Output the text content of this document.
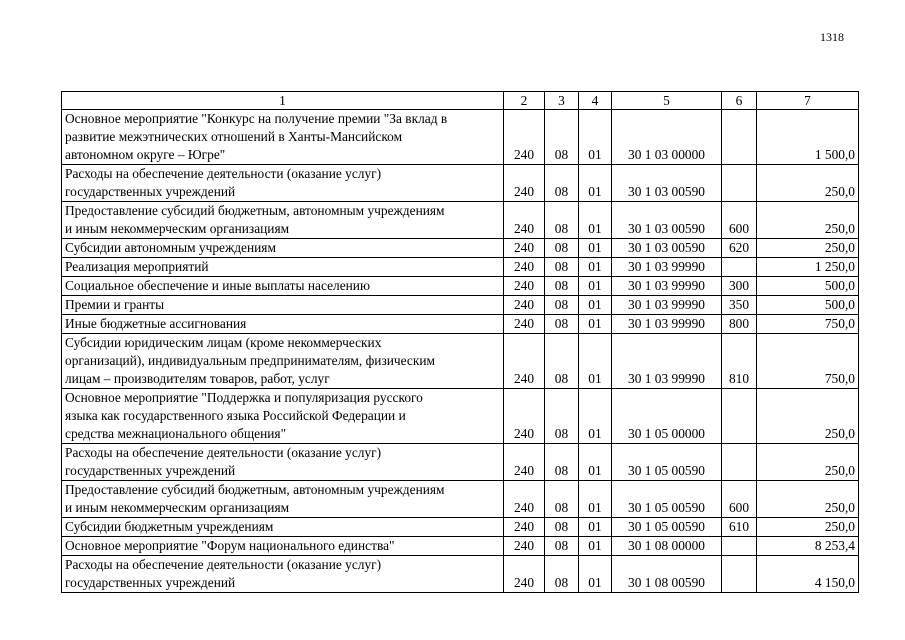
1318
1	2	3	4	5	6	7

Основное мероприятие "Конкурс на получение премии "За вклад в
развитие межэтнических отношений в Ханты-Мансийском
автономном округе – Югре"	240	08	01	30 1 03 00000		1 500,0

Расходы на обеспечение деятельности (оказание услуг)
государственных учреждений	240	08	01	30 1 03 00590		250,0

Предоставление субсидий бюджетным, автономным учреждениям
и иным некоммерческим организациям	240	08	01	30 1 03 00590	600	250,0

Субсидии автономным учреждениям	240	08	01	30 1 03 00590	620	250,0

Реализация мероприятий	240	08	01	30 1 03 99990		1 250,0

Социальное обеспечение и иные выплаты населению	240	08	01	30 1 03 99990	300	500,0

Премии и гранты	240	08	01	30 1 03 99990	350	500,0

Иные бюджетные ассигнования	240	08	01	30 1 03 99990	800	750,0

Субсидии юридическим лицам (кроме некоммерческих
организаций), индивидуальным предпринимателям, физическим
лицам – производителям товаров, работ, услуг	240	08	01	30 1 03 99990	810	750,0

Основное мероприятие "Поддержка и популяризация русского
языка как государственного языка Российской Федерации и
средства межнационального общения"	240	08	01	30 1 05 00000		250,0

Расходы на обеспечение деятельности (оказание услуг)
государственных учреждений	240	08	01	30 1 05 00590		250,0

Предоставление субсидий бюджетным, автономным учреждениям
и иным некоммерческим организациям	240	08	01	30 1 05 00590	600	250,0

Субсидии бюджетным учреждениям	240	08	01	30 1 05 00590	610	250,0

Основное мероприятие "Форум национального единства"	240	08	01	30 1 08 00000		8 253,4

Расходы на обеспечение деятельности (оказание услуг)
государственных учреждений	240	08	01	30 1 08 00590		4 150,0
